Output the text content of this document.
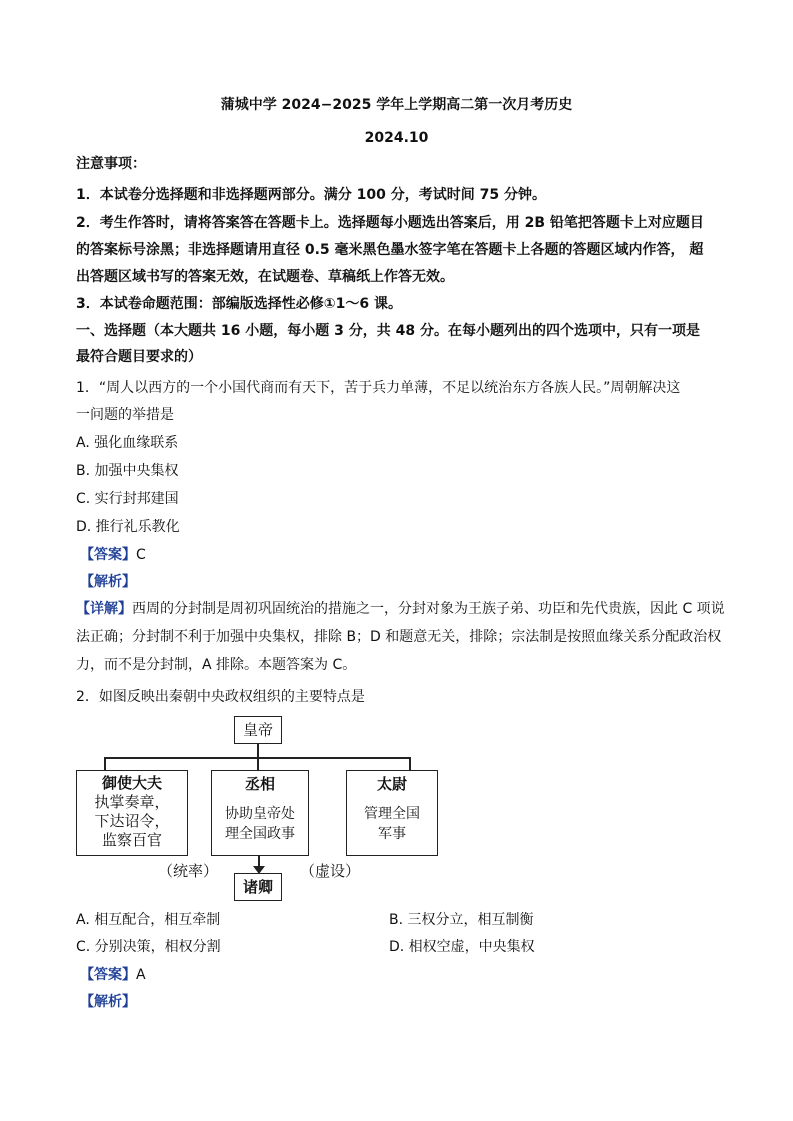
蒲城中学 2024−2025 学年上学期高二第一次月考历史
2024.10
注意事项：
1．本试卷分选择题和非选择题两部分。满分 100 分，考试时间 75 分钟。
2．考生作答时，请将答案答在答题卡上。选择题每小题选出答案后，用 2B 铅笔把答题卡上对应题目
的答案标号涂黑；非选择题请用直径 0.5 毫米黑色墨水签字笔在答题卡上各题的答题区域内作答， 超
出答题区域书写的答案无效，在试题卷、草稿纸上作答无效。
3．本试卷命题范围：部编版选择性必修①1～6 课。
一、选择题（本大题共 16 小题，每小题 3 分，共 48 分。在每小题列出的四个选项中，只有一项是
最符合题目要求的）
1．“周人以西方的一个小国代商而有天下，苦于兵力单薄，不足以统治东方各族人民。”周朝解决这
一问题的举措是
A. 强化血缘联系
B. 加强中央集权
C. 实行封邦建国
D. 推行礼乐教化
【答案】C
【解析】
【详解】西周的分封制是周初巩固统治的措施之一，分封对象为王族子弟、功臣和先代贵族，因此 C 项说
法正确；分封制不利于加强中央集权，排除 B；D 和题意无关，排除；宗法制是按照血缘关系分配政治权
力，而不是分封制，A 排除。本题答案为 C。
2．如图反映出秦朝中央政权组织的主要特点是
皇帝
御使大夫
执掌奏章，
下达诏令，
监察百官
丞相
协助皇帝处
理全国政事
太尉
管理全国
军事
（统率）	（虚设）
诸卿
A. 相互配合，相互牵制	B. 三权分立，相互制衡
C. 分别决策，相权分割	D. 相权空虚，中央集权
【答案】A
【解析】
